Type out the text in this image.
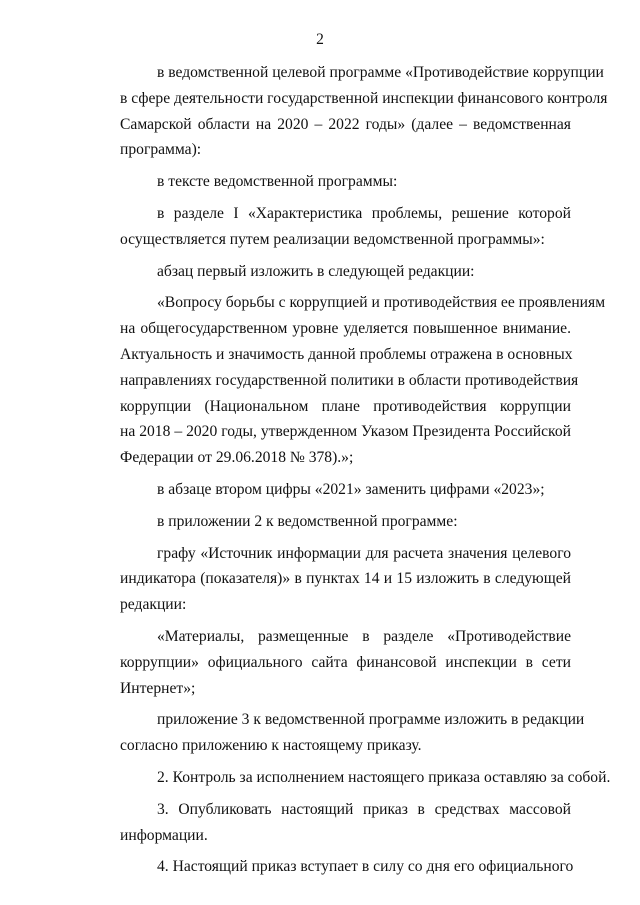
2
в ведомственной целевой программе «Противодействие коррупции
в сфере деятельности государственной инспекции финансового контроля
Самарской области на 2020 – 2022 годы» (далее – ведомственная
программа):
в тексте ведомственной программы:
в разделе I «Характеристика проблемы, решение которой
осуществляется путем реализации ведомственной программы»:
абзац первый изложить в следующей редакции:
«Вопросу борьбы с коррупцией и противодействия ее проявлениям
на общегосударственном уровне уделяется повышенное внимание.
Актуальность и значимость данной проблемы отражена в основных
направлениях государственной политики в области противодействия
коррупции (Национальном плане противодействия коррупции
на 2018 – 2020 годы, утвержденном Указом Президента Российской
Федерации от 29.06.2018 № 378).»;
в абзаце втором цифры «2021» заменить цифрами «2023»;
в приложении 2 к ведомственной программе:
графу «Источник информации для расчета значения целевого
индикатора (показателя)» в пунктах 14 и 15 изложить в следующей
редакции:
«Материалы, размещенные в разделе «Противодействие
коррупции» официального сайта финансовой инспекции в сети
Интернет»;
приложение 3 к ведомственной программе изложить в редакции
согласно приложению к настоящему приказу.
2. Контроль за исполнением настоящего приказа оставляю за собой.
3. Опубликовать настоящий приказ в средствах массовой
информации.
4. Настоящий приказ вступает в силу со дня его официального
